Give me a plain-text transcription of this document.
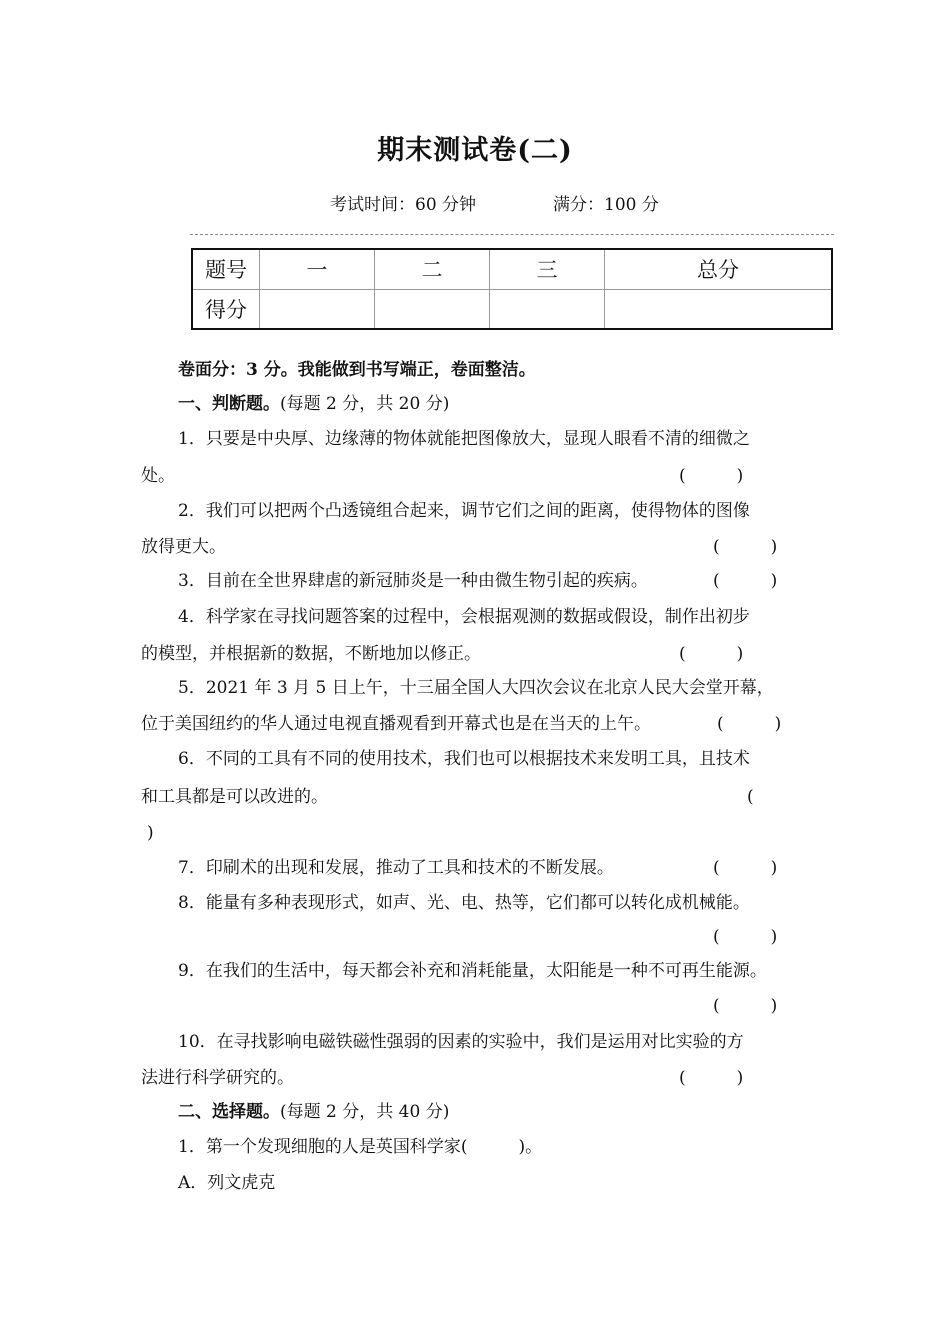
期末测试卷(二)
考试时间：60 分钟	满分：100 分
题号	一	二	三	总分
得分				
卷面分：3 分。我能做到书写端正，卷面整洁。
一、判断题。(每题 2 分，共 20 分)
1．只要是中央厚、边缘薄的物体就能把图像放大，显现人眼看不清的细微之
处。	(　　　)
2．我们可以把两个凸透镜组合起来，调节它们之间的距离，使得物体的图像
放得更大。	(　　　)
3．目前在全世界肆虐的新冠肺炎是一种由微生物引起的疾病。	(　　　)
4．科学家在寻找问题答案的过程中，会根据观测的数据或假设，制作出初步
的模型，并根据新的数据，不断地加以修正。	(　　　)
5．2021 年 3 月 5 日上午，十三届全国人大四次会议在北京人民大会堂开幕，
位于美国纽约的华人通过电视直播观看到开幕式也是在当天的上午。	(　　　)
6．不同的工具有不同的使用技术，我们也可以根据技术来发明工具，且技术
和工具都是可以改进的。	(
)
7．印刷术的出现和发展，推动了工具和技术的不断发展。	(　　　)
8．能量有多种表现形式，如声、光、电、热等，它们都可以转化成机械能。
(　　　)
9．在我们的生活中，每天都会补充和消耗能量，太阳能是一种不可再生能源。
(　　　)
10．在寻找影响电磁铁磁性强弱的因素的实验中，我们是运用对比实验的方
法进行科学研究的。	(　　　)
二、选择题。(每题 2 分，共 40 分)
1．第一个发现细胞的人是英国科学家(　　　)。
A．列文虎克
